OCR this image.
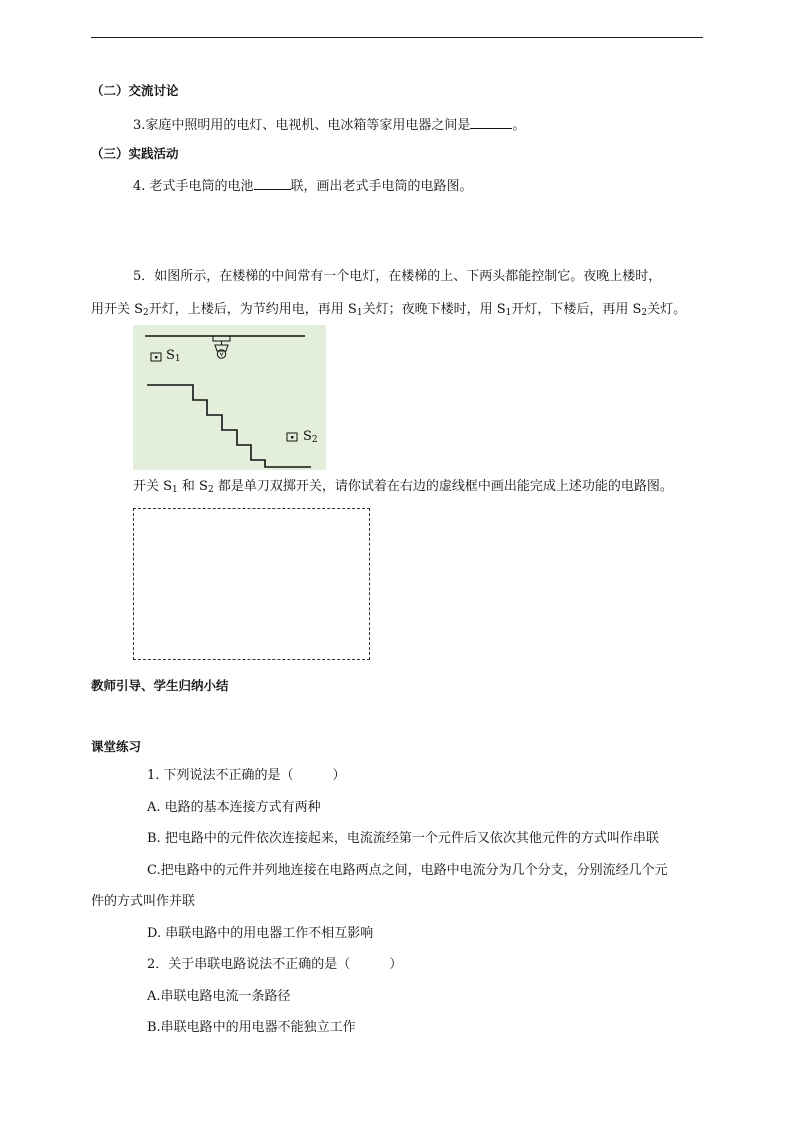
（二）交流讨论
3.家庭中照明用的电灯、电视机、电冰箱等家用电器之间是	。
（三）实践活动
4. 老式手电筒的电池	联，画出老式手电筒的电路图。
5．如图所示，在楼梯的中间常有一个电灯，在楼梯的上、下两头都能控制它。夜晚上楼时，
用开关 $S_2$开灯，上楼后，为节约用电，再用 $S_1$关灯；夜晚下楼时，用 $S_1$开灯，下楼后，再用 $S_2$关灯。
$S_1$
$S_2$
开关 $S_1$ 和 $S_2$ 都是单刀双掷开关，请你试着在右边的虚线框中画出能完成上述功能的电路图。
教师引导、学生归纳小结
课堂练习
1. 下列说法不正确的是（　　　）
A. 电路的基本连接方式有两种
B. 把电路中的元件依次连接起来，电流流经第一个元件后又依次其他元件的方式叫作串联
C.把电路中的元件并列地连接在电路两点之间，电路中电流分为几个分支，分别流经几个元
件的方式叫作并联
D. 串联电路中的用电器工作不相互影响
2．关于串联电路说法不正确的是（　　　）
A.串联电路电流一条路径
B.串联电路中的用电器不能独立工作
